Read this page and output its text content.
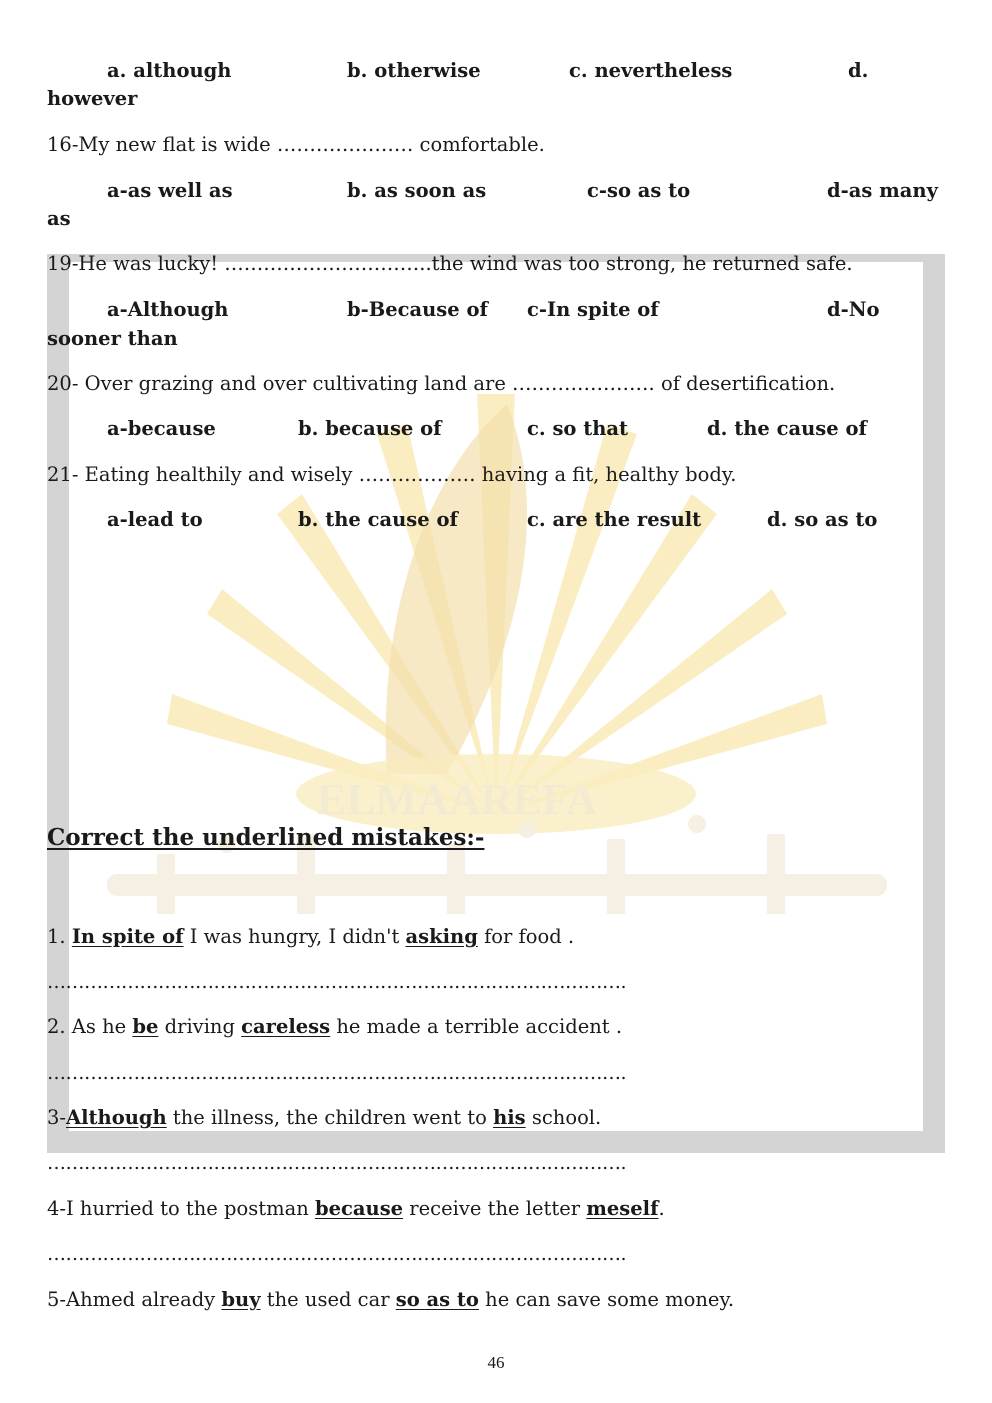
ELMAAREFA
a. although	b. otherwise	c. nevertheless	d.
however
16-My new flat is wide ………………… comfortable.
a-as well as	b. as soon as	c-so as to	d-as many
as
19-He was lucky! …………………………..the wind was too strong, he returned safe.
a-Although	b-Because of c-In spite of	d-No
sooner than
20- Over grazing and over cultivating land are …………………. of desertification.
a-because	b. because of	c. so that	d. the cause of
21- Eating healthily and wisely ……………… having a fit, healthy body.
a-lead to	b. the cause of	c. are the result	d. so as to
Correct the underlined mistakes:-
1. In spite of I was hungry, I didn't asking for food .
………………………………………………………………………………….
2. As he be driving careless he made a terrible accident .
………………………………………………………………………………….
3-Although the illness, the children went to his school.
………………………………………………………………………………….
4-I hurried to the postman because receive the letter meself.
………………………………………………………………………………….
5-Ahmed already buy the used car so as to he can save some money.
46
